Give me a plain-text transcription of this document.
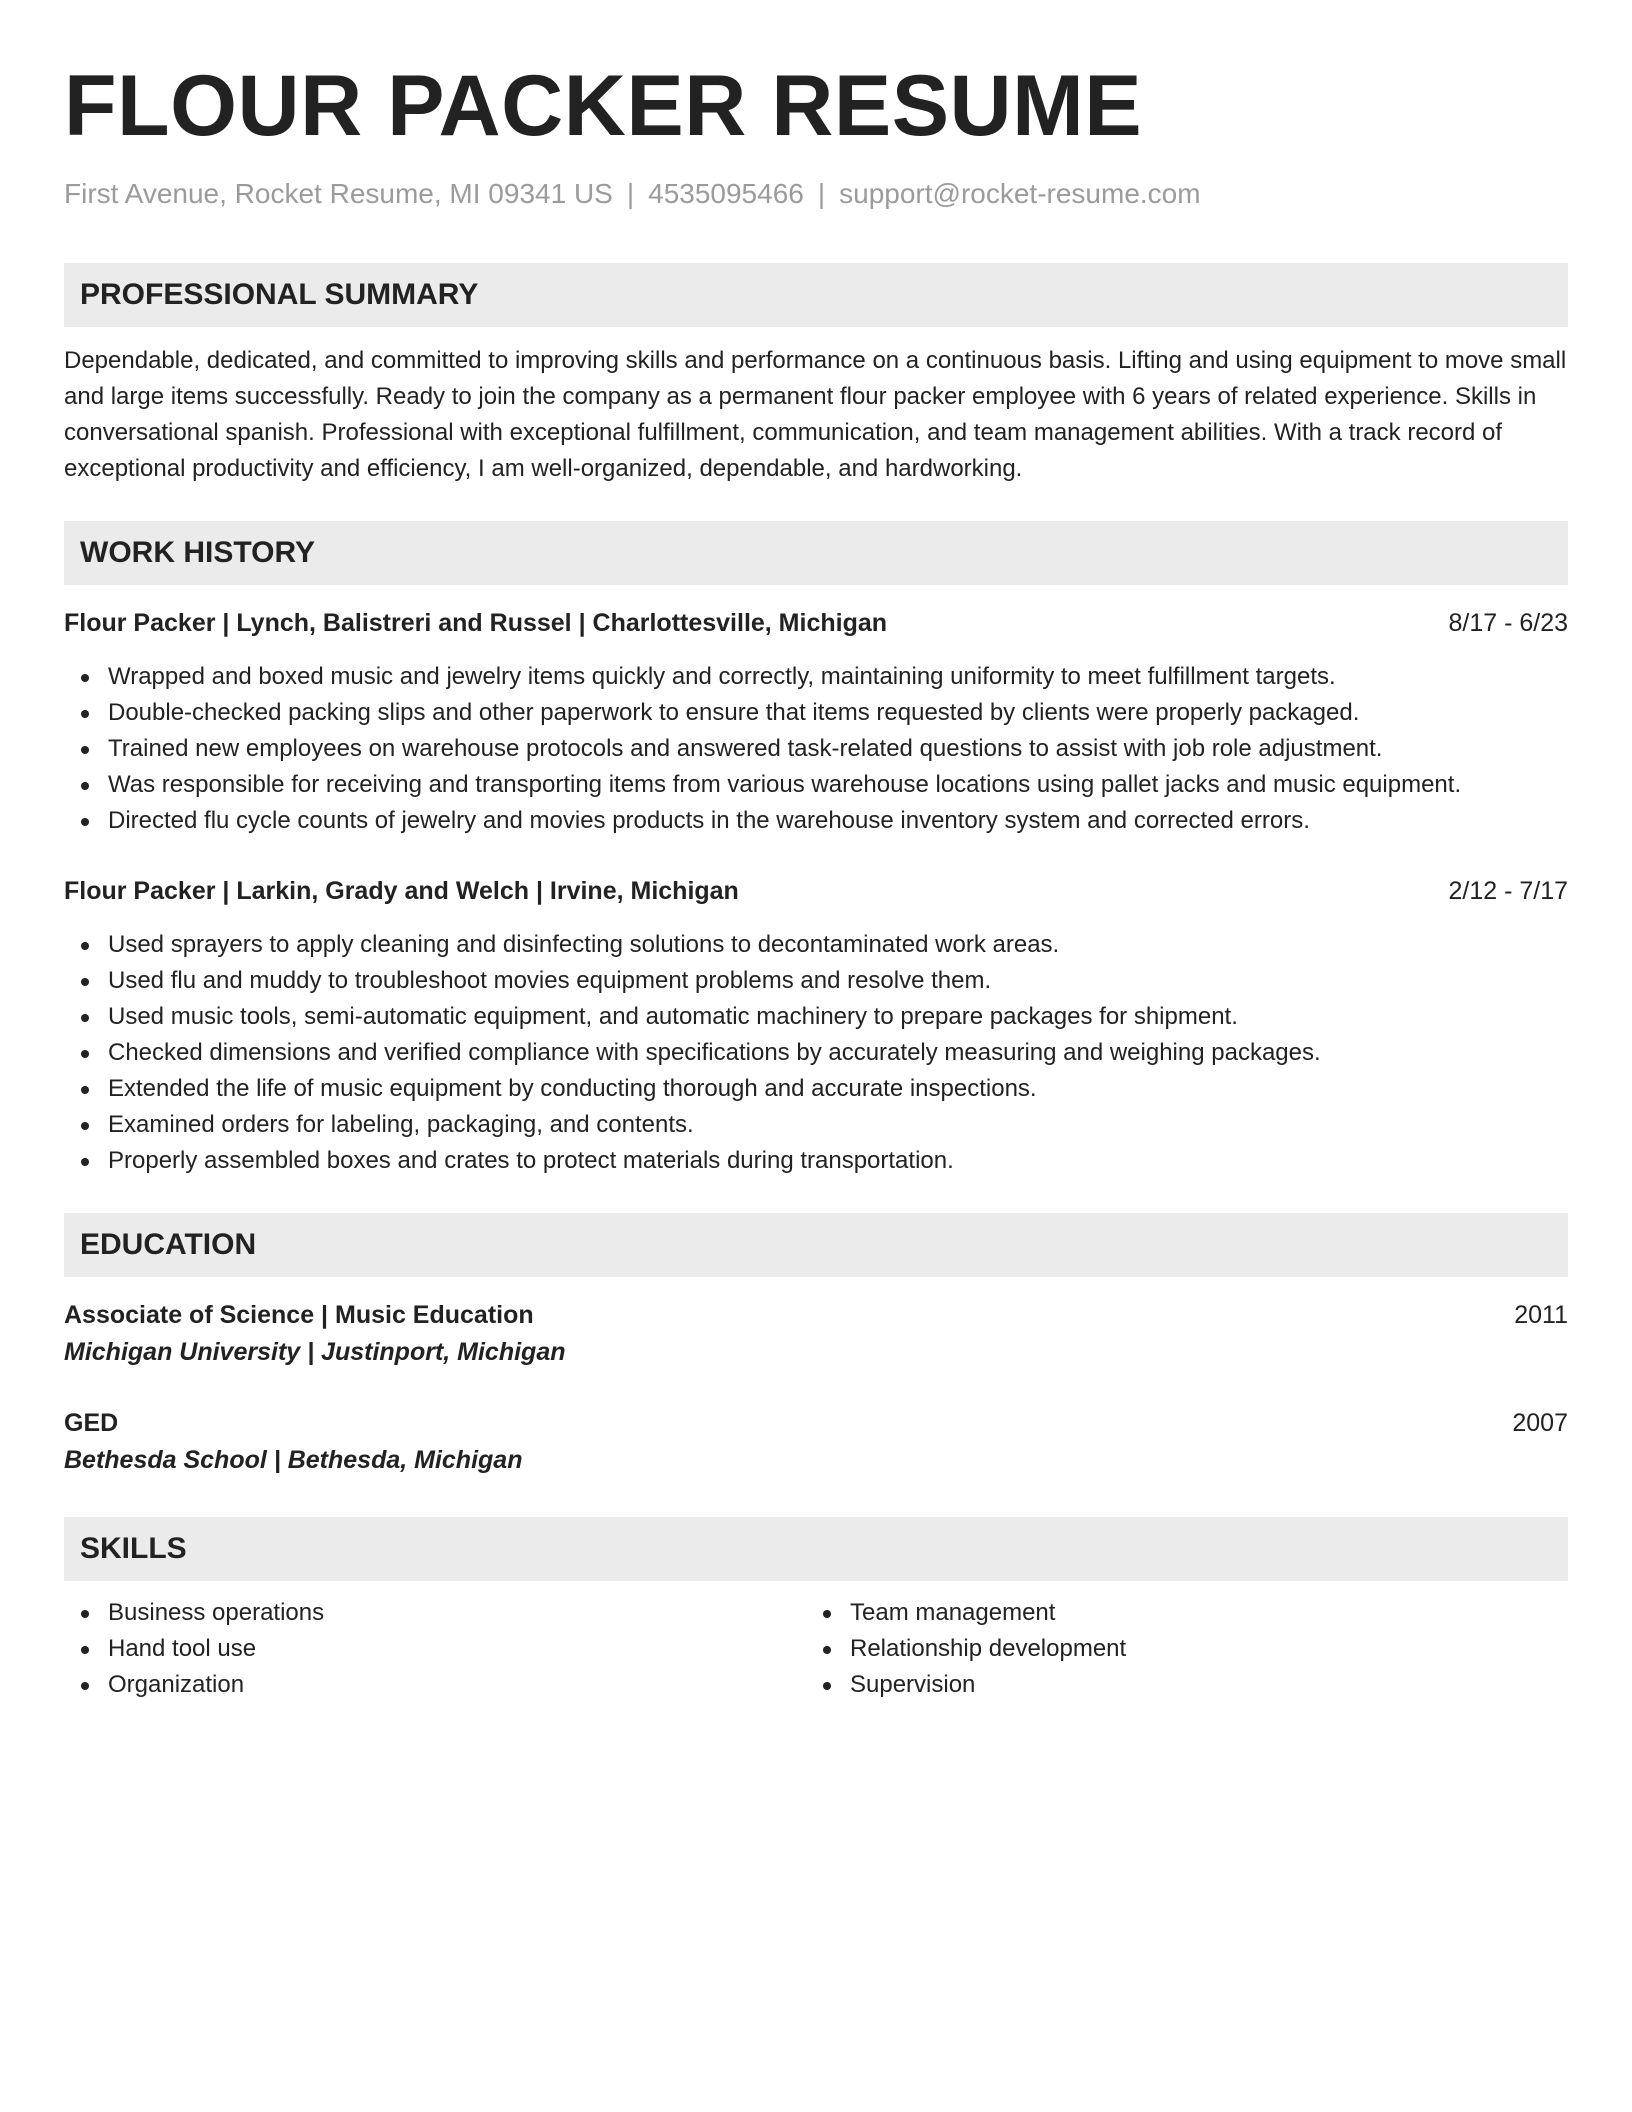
FLOUR PACKER RESUME
First Avenue, Rocket Resume, MI 09341 US | 4535095466 | support@rocket-resume.com
PROFESSIONAL SUMMARY

Dependable, dedicated, and committed to improving skills and performance on a continuous basis. Lifting and using equipment to move small and large items successfully. Ready to join the company as a permanent flour packer employee with 6 years of related experience. Skills in conversational spanish. Professional with exceptional fulfillment, communication, and team management abilities. With a track record of exceptional productivity and efficiency, I am well-organized, dependable, and hardworking.

WORK HISTORY
Flour Packer | Lynch, Balistreri and Russel | Charlottesville, Michigan	8/17 - 6/23
Wrapped and boxed music and jewelry items quickly and correctly, maintaining uniformity to meet fulfillment targets.
Double-checked packing slips and other paperwork to ensure that items requested by clients were properly packaged.
Trained new employees on warehouse protocols and answered task-related questions to assist with job role adjustment.
Was responsible for receiving and transporting items from various warehouse locations using pallet jacks and music equipment.
Directed flu cycle counts of jewelry and movies products in the warehouse inventory system and corrected errors.
Flour Packer | Larkin, Grady and Welch | Irvine, Michigan	2/12 - 7/17
Used sprayers to apply cleaning and disinfecting solutions to decontaminated work areas.
Used flu and muddy to troubleshoot movies equipment problems and resolve them.
Used music tools, semi-automatic equipment, and automatic machinery to prepare packages for shipment.
Checked dimensions and verified compliance with specifications by accurately measuring and weighing packages.
Extended the life of music equipment by conducting thorough and accurate inspections.
Examined orders for labeling, packaging, and contents.
Properly assembled boxes and crates to protect materials during transportation.
EDUCATION
Associate of Science | Music Education	2011
Michigan University | Justinport, Michigan
GED	2007
Bethesda School | Bethesda, Michigan
SKILLS
Business operations
Hand tool use
Organization
Team management
Relationship development
Supervision
